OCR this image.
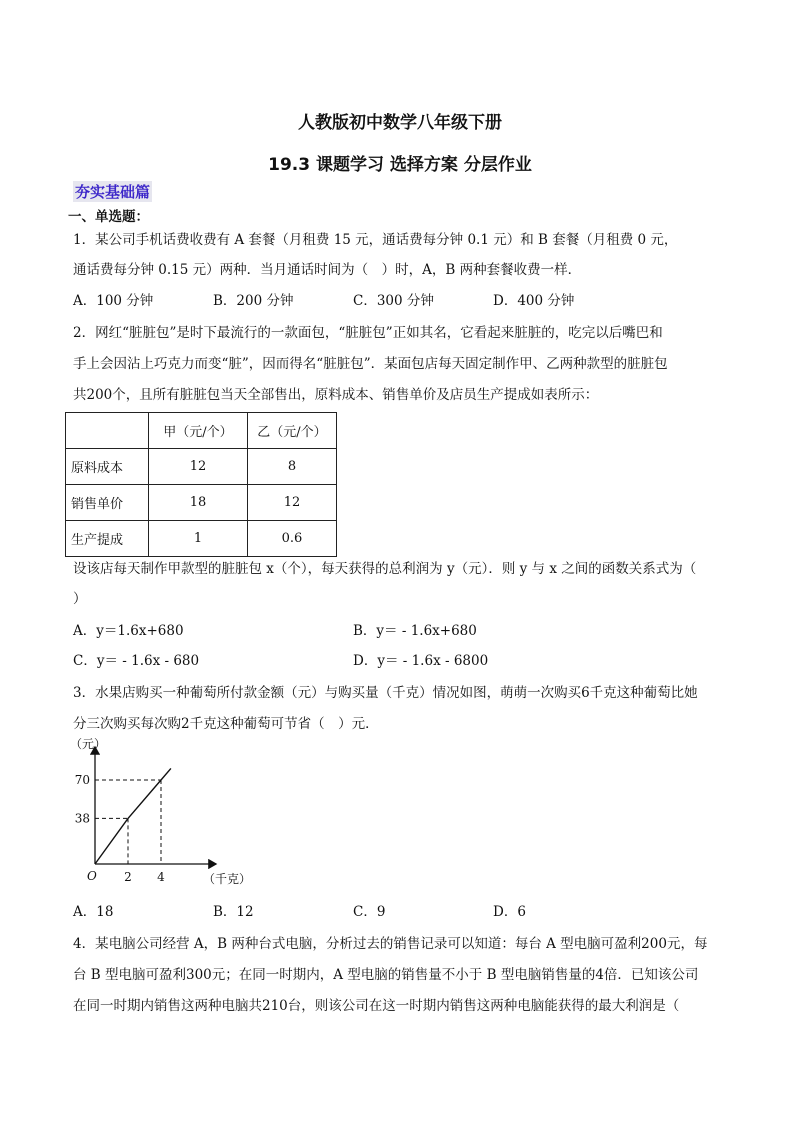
人教版初中数学八年级下册
19.3 课题学习 选择方案 分层作业
夯实基础篇
一、单选题：
1．某公司手机话费收费有 A 套餐（月租费 15 元，通话费每分钟 0.1 元）和 B 套餐（月租费 0 元，
通话费每分钟 0.15 元）两种．当月通话时间为（　）时，A，B 两种套餐收费一样．
A．100 分钟	B．200 分钟	C．300 分钟	D．400 分钟
2．网红“脏脏包”是时下最流行的一款面包，“脏脏包”正如其名，它看起来脏脏的，吃完以后嘴巴和
手上会因沾上巧克力而变“脏”，因而得名“脏脏包”．某面包店每天固定制作甲、乙两种款型的脏脏包
共200个，且所有脏脏包当天全部售出，原料成本、销售单价及店员生产提成如表所示：
	甲（元/个）	乙（元/个）
原料成本	12	8
销售单价	18	12
生产提成	1	0.6
设该店每天制作甲款型的脏脏包 x（个），每天获得的总利润为 y（元）．则 y 与 x 之间的函数关系式为（
）
A．y＝1.6x+680	B．y＝ - 1.6x+680
C．y＝ - 1.6x - 680	D．y＝ - 1.6x - 6800
3．水果店购买一种葡萄所付款金额（元）与购买量（千克）情况如图，萌萌一次购买6千克这种葡萄比她
分三次购买每次购2千克这种葡萄可节省（　）元．
（元）
（千克）
O 2 4
38
70
A．18	B．12	C．9	D．6
4．某电脑公司经营 A，B 两种台式电脑，分析过去的销售记录可以知道：每台 A 型电脑可盈利200元，每
台 B 型电脑可盈利300元；在同一时期内，A 型电脑的销售量不小于 B 型电脑销售量的4倍．已知该公司
在同一时期内销售这两种电脑共210台，则该公司在这一时期内销售这两种电脑能获得的最大利润是（
